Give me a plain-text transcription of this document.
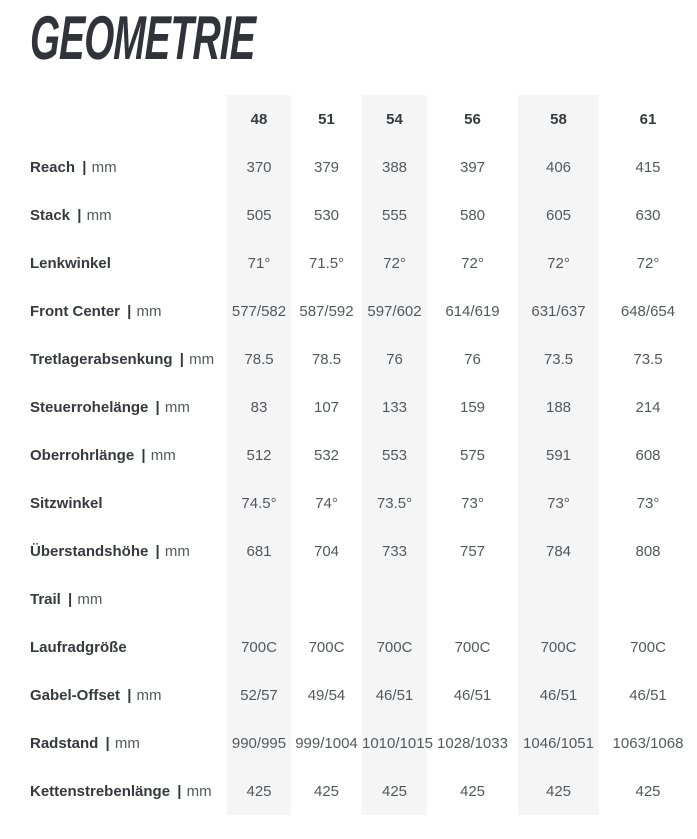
GEOMETRIE
	48	51	54	56	58	61
Reach | mm	370	379	388	397	406	415
Stack | mm	505	530	555	580	605	630
Lenkwinkel	71°	71.5°	72°	72°	72°	72°
Front Center | mm	577/582	587/592	597/602	614/619	631/637	648/654
Tretlagerabsenkung | mm	78.5	78.5	76	76	73.5	73.5
Steuerrohelänge | mm	83	107	133	159	188	214
Oberrohrlänge | mm	512	532	553	575	591	608
Sitzwinkel	74.5°	74°	73.5°	73°	73°	73°
Überstandshöhe | mm	681	704	733	757	784	808
Trail | mm						
Laufradgröße	700C	700C	700C	700C	700C	700C
Gabel-Offset | mm	52/57	49/54	46/51	46/51	46/51	46/51
Radstand | mm	990/995	999/1004	1010/1015	1028/1033	1046/1051	1063/1068
Kettenstrebenlänge | mm	425	425	425	425	425	425
